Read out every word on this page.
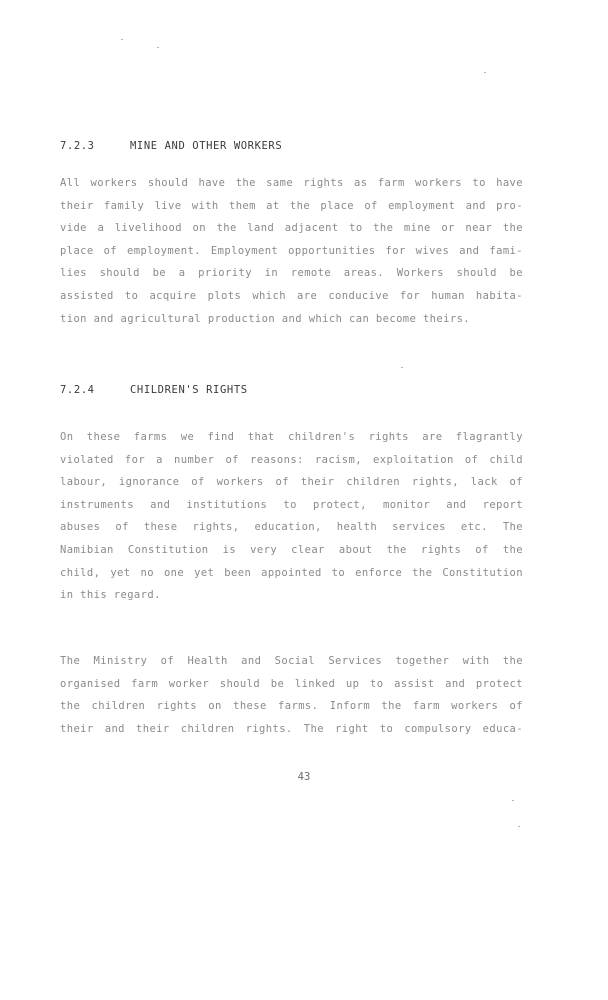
7.2.3	MINE AND OTHER WORKERS
All workers should have the same rights as farm workers to have
their family live with them at the place of employment and pro-
vide a livelihood on the land adjacent to the mine or near the
place of employment. Employment opportunities for wives and fami-
lies should be a priority in remote areas. Workers should be
assisted to acquire plots which are conducive for human habita-
tion and agricultural production and which can become theirs.
7.2.4	CHILDREN'S RIGHTS
On these farms we find that children's rights are flagrantly
violated for a number of reasons: racism, exploitation of child
labour, ignorance of workers of their children rights, lack of
instruments and institutions to protect, monitor and report
abuses of these rights, education, health services etc. The
Namibian Constitution is very clear about the rights of the
child, yet no one yet been appointed to enforce the Constitution
in this regard.
The Ministry of Health and Social Services together with the
organised farm worker should be linked up to assist and protect
the children rights on these farms. Inform the farm workers of
their and their children rights. The right to compulsory educa-
43
